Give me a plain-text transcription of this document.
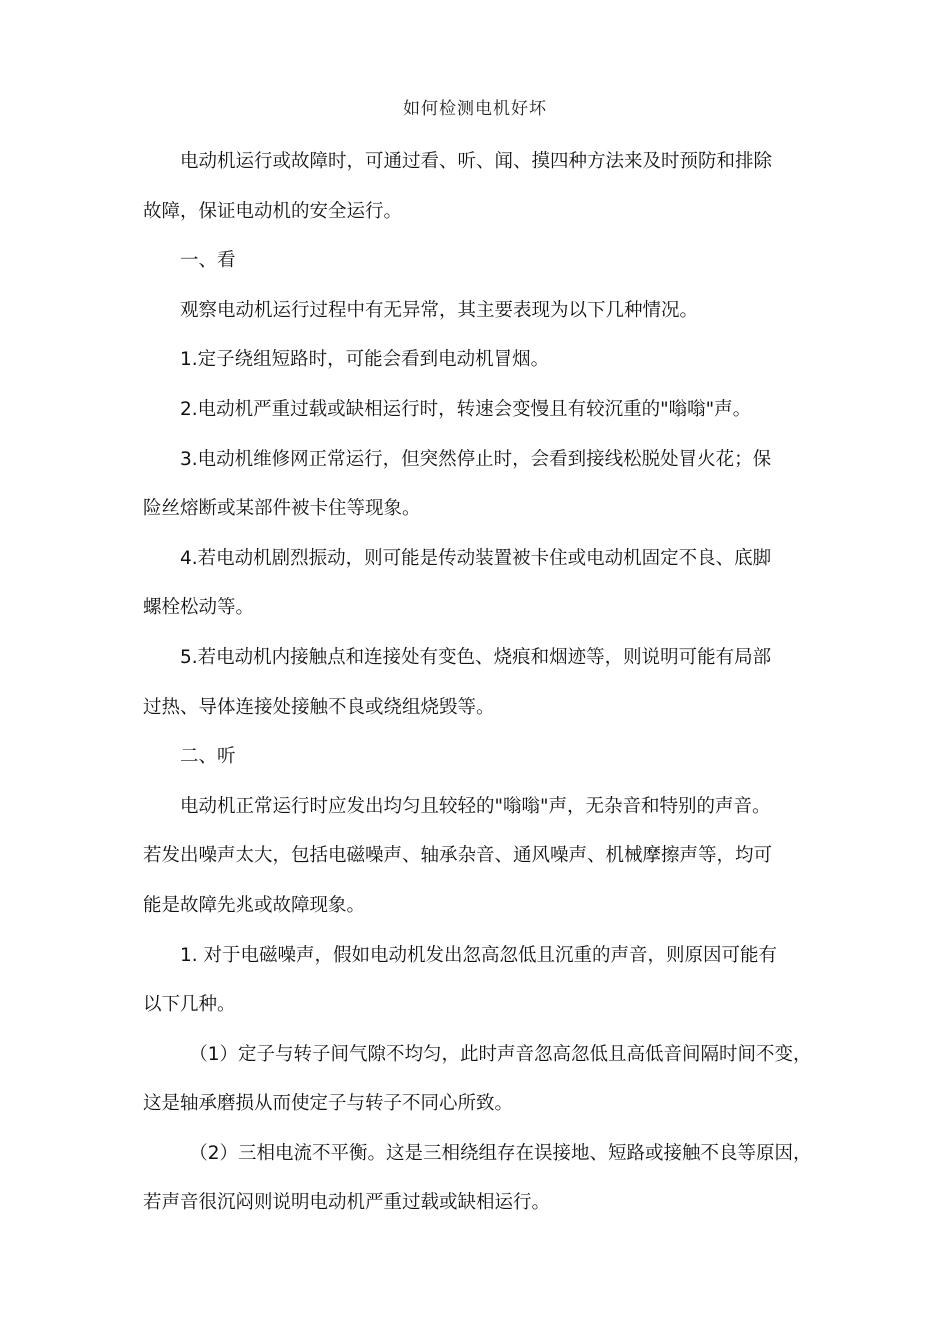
如何检测电机好坏

电动机运行或故障时，可通过看、听、闻、摸四种方法来及时预防和排除
故障，保证电动机的安全运行。

一、看

观察电动机运行过程中有无异常，其主要表现为以下几种情况。

1.定子绕组短路时，可能会看到电动机冒烟。

2.电动机严重过载或缺相运行时，转速会变慢且有较沉重的"嗡嗡"声。

3.电动机维修网正常运行，但突然停止时，会看到接线松脱处冒火花；保
险丝熔断或某部件被卡住等现象。

4.若电动机剧烈振动，则可能是传动装置被卡住或电动机固定不良、底脚
螺栓松动等。

5.若电动机内接触点和连接处有变色、烧痕和烟迹等，则说明可能有局部
过热、导体连接处接触不良或绕组烧毁等。

二、听

电动机正常运行时应发出均匀且较轻的"嗡嗡"声，无杂音和特别的声音。
若发出噪声太大，包括电磁噪声、轴承杂音、通风噪声、机械摩擦声等，均可
能是故障先兆或故障现象。

1. 对于电磁噪声，假如电动机发出忽高忽低且沉重的声音，则原因可能有
以下几种。

（1）定子与转子间气隙不均匀，此时声音忽高忽低且高低音间隔时间不变，
这是轴承磨损从而使定子与转子不同心所致。

（2）三相电流不平衡。这是三相绕组存在误接地、短路或接触不良等原因，
若声音很沉闷则说明电动机严重过载或缺相运行。
